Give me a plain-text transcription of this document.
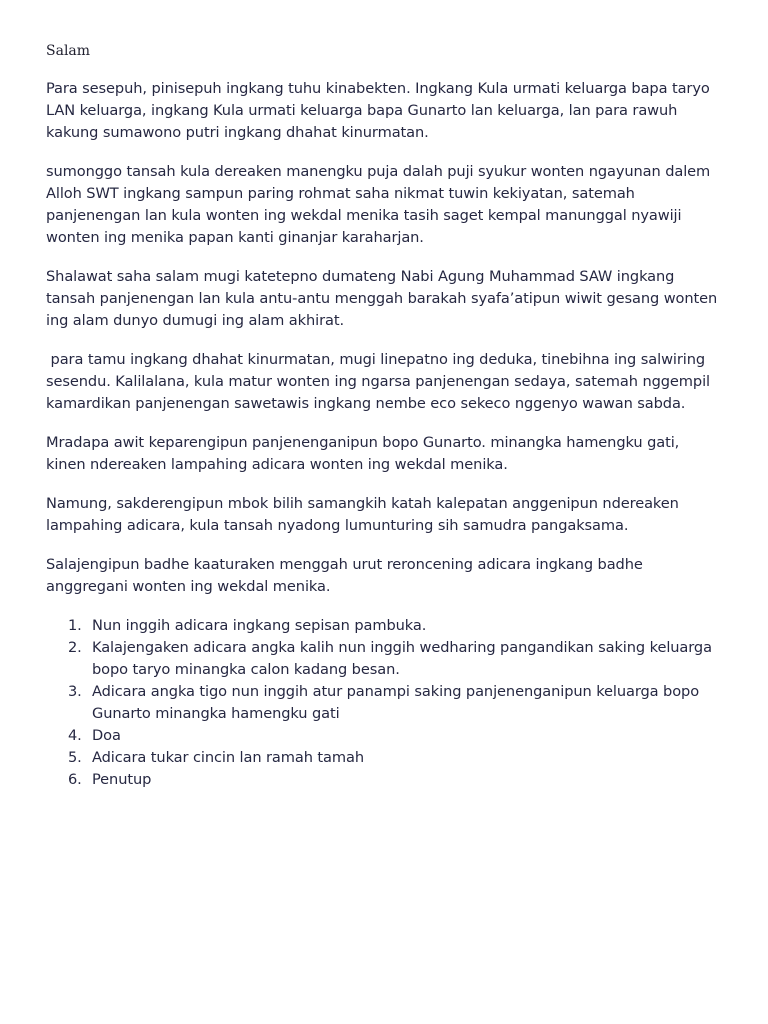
Salam

Para sesepuh, pinisepuh ingkang tuhu kinabekten. Ingkang Kula urmati keluarga bapa taryo LAN keluarga, ingkang Kula urmati keluarga bapa Gunarto lan keluarga, lan para rawuh kakung sumawono putri ingkang dhahat kinurmatan.

sumonggo tansah kula dereaken manengku puja dalah puji syukur wonten ngayunan dalem Alloh SWT ingkang sampun paring rohmat saha nikmat tuwin kekiyatan, satemah panjenengan lan kula wonten ing wekdal menika tasih saget kempal manunggal nyawiji wonten ing menika papan kanti ginanjar karaharjan.

Shalawat saha salam mugi katetepno dumateng Nabi Agung Muhammad SAW ingkang tansah panjenengan lan kula antu-antu menggah barakah syafa’atipun wiwit gesang wonten ing alam dunyo dumugi ing alam akhirat.

para tamu ingkang dhahat kinurmatan, mugi linepatno ing deduka, tinebihna ing salwiring sesendu. Kalilalana, kula matur wonten ing ngarsa panjenengan sedaya, satemah nggempil kamardikan panjenengan sawetawis ingkang nembe eco sekeco nggenyo wawan sabda.

Mradapa awit keparengipun panjenenganipun bopo Gunarto. minangka hamengku gati, kinen ndereaken lampahing adicara wonten ing wekdal menika.

Namung, sakderengipun mbok bilih samangkih katah kalepatan anggenipun ndereaken lampahing adicara, kula tansah nyadong lumunturing sih samudra pangaksama.

Salajengipun badhe kaaturaken menggah urut reroncening adicara ingkang badhe anggregani wonten ing wekdal menika.

1. Nun inggih adicara ingkang sepisan pambuka.
2. Kalajengaken adicara angka kalih nun inggih wedharing pangandikan saking keluarga bopo taryo minangka calon kadang besan.
3. Adicara angka tigo nun inggih atur panampi saking panjenenganipun keluarga bopo Gunarto minangka hamengku gati
4. Doa
5. Adicara tukar cincin lan ramah tamah
6. Penutup
